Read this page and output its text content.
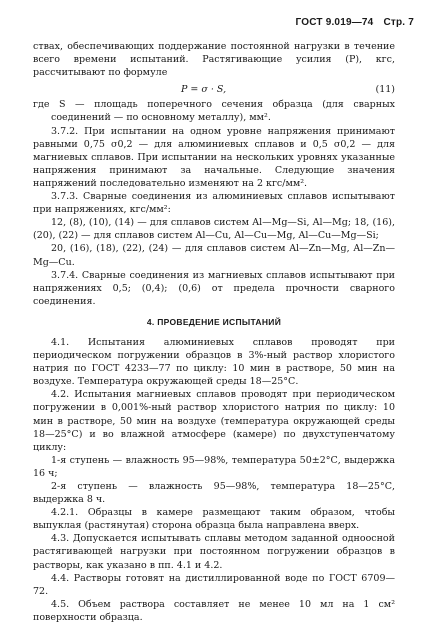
ГОСТ 9.019—74 Стр. 7

ствах, обеспечивающих поддержание постоянной нагрузки в течение всего времени испытаний. Растягивающие усилия (P), кгс, рассчитывают по формуле

P = σ · S,	(11)

где S — площадь поперечного сечения образца (для сварных соединений — по основному металлу), мм².

3.7.2. При испытании на одном уровне напряжения принимают равными 0,75 σ0,2 — для алюминиевых сплавов и 0,5 σ0,2 — для магниевых сплавов. При испытании на нескольких уровнях указанные напряжения принимают за начальные. Следующие значения напряжений последовательно изменяют на 2 кгс/мм².

3.7.3. Сварные соединения из алюминиевых сплавов испытывают при напряжениях, кгс/мм²:

12, (8), (10), (14) — для сплавов систем Al—Mg—Si, Al—Mg; 18, (16), (20), (22) — для сплавов систем Al—Cu, Al—Cu—Mg, Al—Cu—Mg—Si;

20, (16), (18), (22), (24) — для сплавов систем Al—Zn—Mg, Al—Zn—Mg—Cu.

3.7.4. Сварные соединения из магниевых сплавов испытывают при напряжениях 0,5; (0,4); (0,6) от предела прочности сварного соединения.

4. ПРОВЕДЕНИЕ ИСПЫТАНИЙ

4.1. Испытания алюминиевых сплавов проводят при периодическом погружении образцов в 3%-ный раствор хлористого натрия по ГОСТ 4233—77 по циклу: 10 мин в растворе, 50 мин на воздухе. Температура окружающей среды 18—25°С.

4.2. Испытания магниевых сплавов проводят при периодическом погружении в 0,001%-ный раствор хлористого натрия по циклу: 10 мин в растворе, 50 мин на воздухе (температура окружающей среды 18—25°С) и во влажной атмосфере (камере) по двухступенчатому циклу:

1-я ступень — влажность 95—98%, температура 50±2°С, выдержка 16 ч;

2-я ступень — влажность 95—98%, температура 18—25°С, выдержка 8 ч.

4.2.1. Образцы в камере размещают таким образом, чтобы выпуклая (растянутая) сторона образца была направлена вверх.

4.3. Допускается испытывать сплавы методом заданной одноосной растягивающей нагрузки при постоянном погружении образцов в растворы, как указано в пп. 4.1 и 4.2.

4.4. Растворы готовят на дистиллированной воде по ГОСТ 6709—72.

4.5. Объем раствора составляет не менее 10 мл на 1 см² поверхности образца.
